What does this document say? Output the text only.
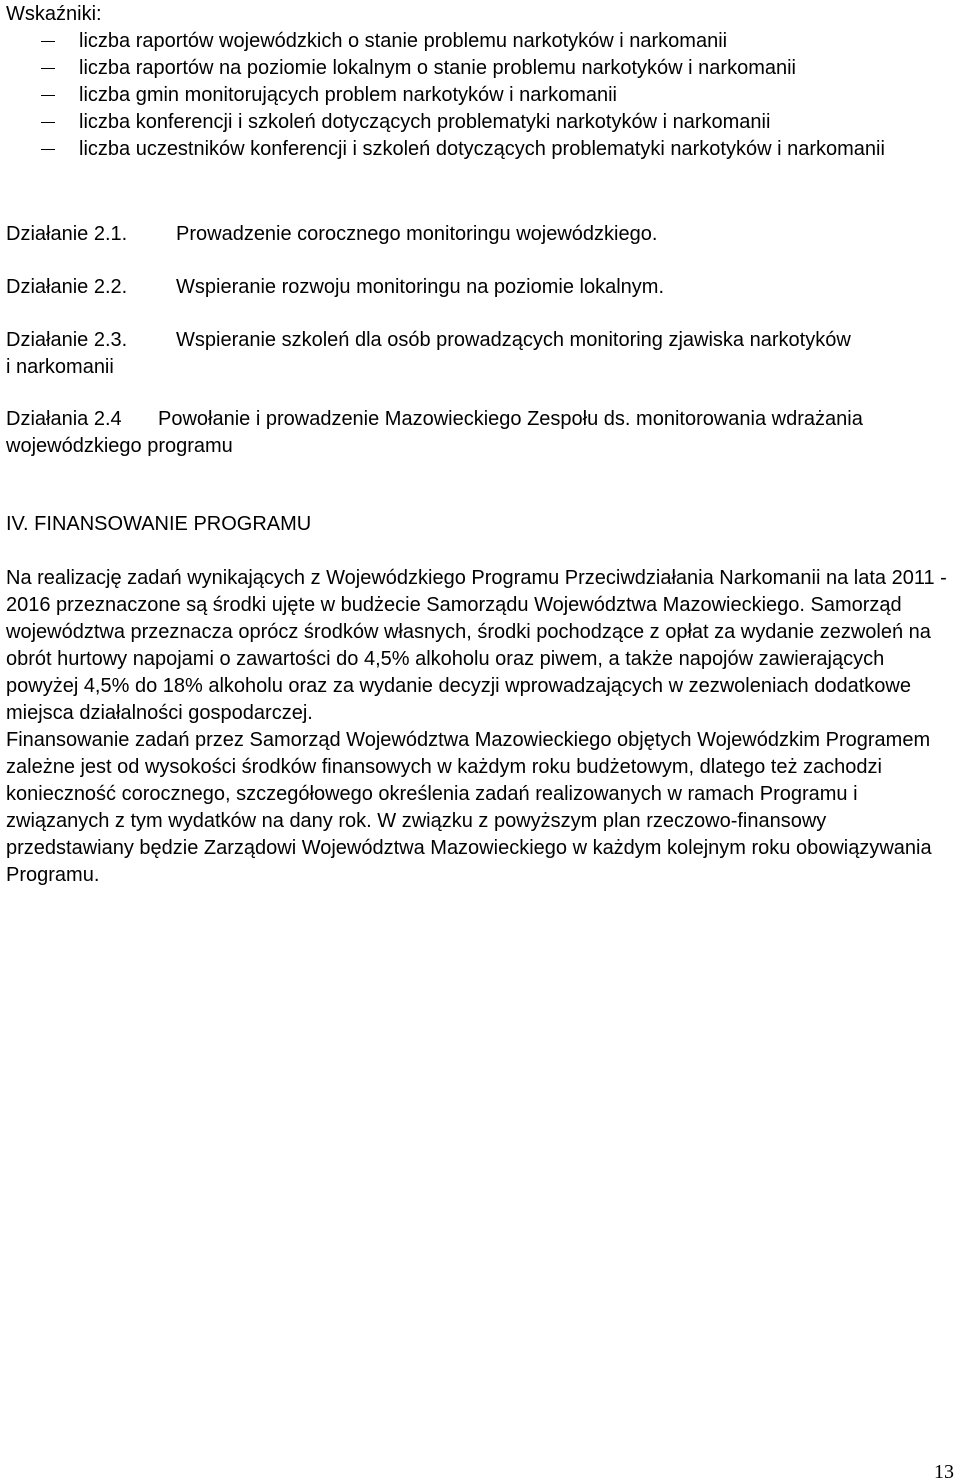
Wskaźniki:

liczba raportów wojewódzkich o stanie problemu narkotyków i narkomanii
liczba raportów na poziomie lokalnym o stanie problemu narkotyków i narkomanii
liczba gmin monitorujących problem narkotyków i narkomanii
liczba konferencji i szkoleń dotyczących problematyki narkotyków i narkomanii
liczba uczestników konferencji i szkoleń dotyczących problematyki narkotyków i narkomanii
Działanie 2.1. Prowadzenie corocznego monitoringu wojewódzkiego.
Działanie 2.2. Wspieranie rozwoju monitoringu na poziomie lokalnym.
Działanie 2.3. Wspieranie szkoleń dla osób prowadzących monitoring zjawiska narkotyków
i narkomanii

Działania 2.4 Powołanie i prowadzenie Mazowieckiego Zespołu ds. monitorowania wdrażania wojewódzkiego programu

IV. FINANSOWANIE PROGRAMU

Na realizację zadań wynikających z Wojewódzkiego Programu Przeciwdziałania Narkomanii na lata 2011 - 2016 przeznaczone są środki ujęte w budżecie Samorządu Województwa Mazowieckiego. Samorząd województwa przeznacza oprócz środków własnych, środki pochodzące z opłat za wydanie zezwoleń na obrót hurtowy napojami o zawartości do 4,5% alkoholu oraz piwem, a także napojów zawierających powyżej 4,5% do 18% alkoholu oraz za wydanie decyzji wprowadzających w zezwoleniach dodatkowe miejsca działalności gospodarczej.

Finansowanie zadań przez Samorząd Województwa Mazowieckiego objętych Wojewódzkim Programem zależne jest od wysokości środków finansowych w każdym roku budżetowym, dlatego też zachodzi konieczność corocznego, szczegółowego określenia zadań realizowanych w ramach Programu i związanych z tym wydatków na dany rok. W związku z powyższym plan rzeczowo-finansowy przedstawiany będzie Zarządowi Województwa Mazowieckiego w każdym kolejnym roku obowiązywania Programu.

13
